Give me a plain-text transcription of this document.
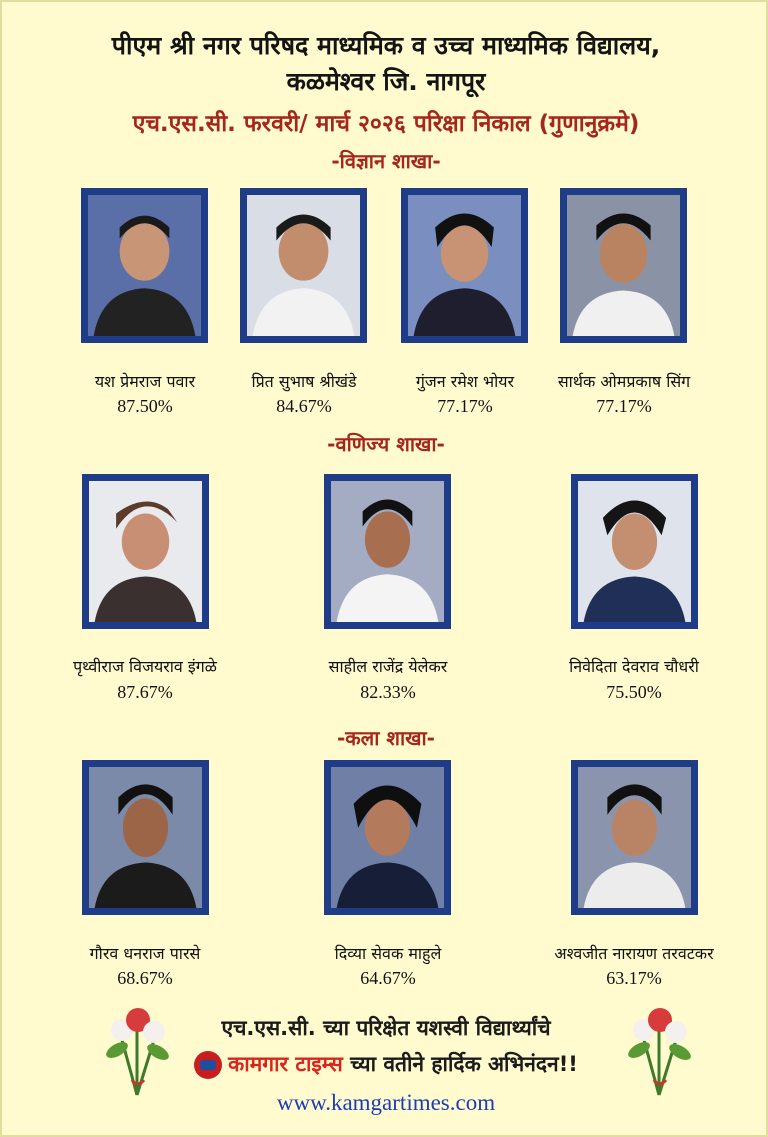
पीएम श्री नगर परिषद माध्यमिक व उच्च माध्यमिक विद्यालय,
कळमेश्वर जि. नागपूर
एच.एस.सी. फरवरी/ मार्च २०२६ परिक्षा निकाल (गुणानुक्रमे)
-विज्ञान शाखा-
यश प्रेमराज पवार
87.50%
प्रित सुभाष श्रीखंडे
84.67%
गुंजन रमेश भोयर
77.17%
सार्थक ओमप्रकाष सिंग
77.17%
-वणिज्य शाखा-
पृथ्वीराज विजयराव इंगळे
87.67%
साहील राजेंद्र येलेकर
82.33%
निवेदिता देवराव चौधरी
75.50%
-कला शाखा-
गौरव धनराज पारसे
68.67%
दिव्या सेवक माहुले
64.67%
अश्वजीत नारायण तरवटकर
63.17%
एच.एस.सी. च्या परिक्षेत यशस्वी विद्यार्थ्यांचे
कामगार टाइम्स च्या वतीने हार्दिक अभिनंदन!!
www.kamgartimes.com
